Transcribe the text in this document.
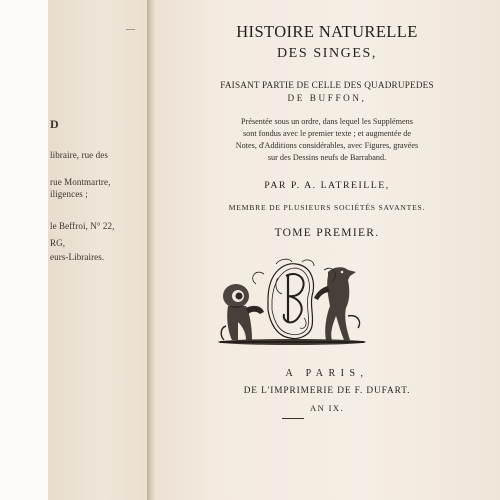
D
libraire, rue des
rue Montmartre,
iligences ;
le Beffroi, N° 22,
RG,
eurs-Libraires.
—	HISTOIRE NATURELLE
DES SINGES,
FAISANT PARTIE DE CELLE DES QUADRUPEDES
DE BUFFON,
Présentée sous un ordre, dans lequel les Supplémens
sont fondus avec le premier texte ; et augmentée de
Notes, d'Additions considérables, avec Figures, gravées
sur des Dessins neufs de Barraband.
PAR P. A. LATREILLE,
MEMBRE DE PLUSIEURS SOCIÉTÉS SAVANTES.
TOME PREMIER.
A PARIS,
DE L'IMPRIMERIE DE F. DUFART.
AN IX.
